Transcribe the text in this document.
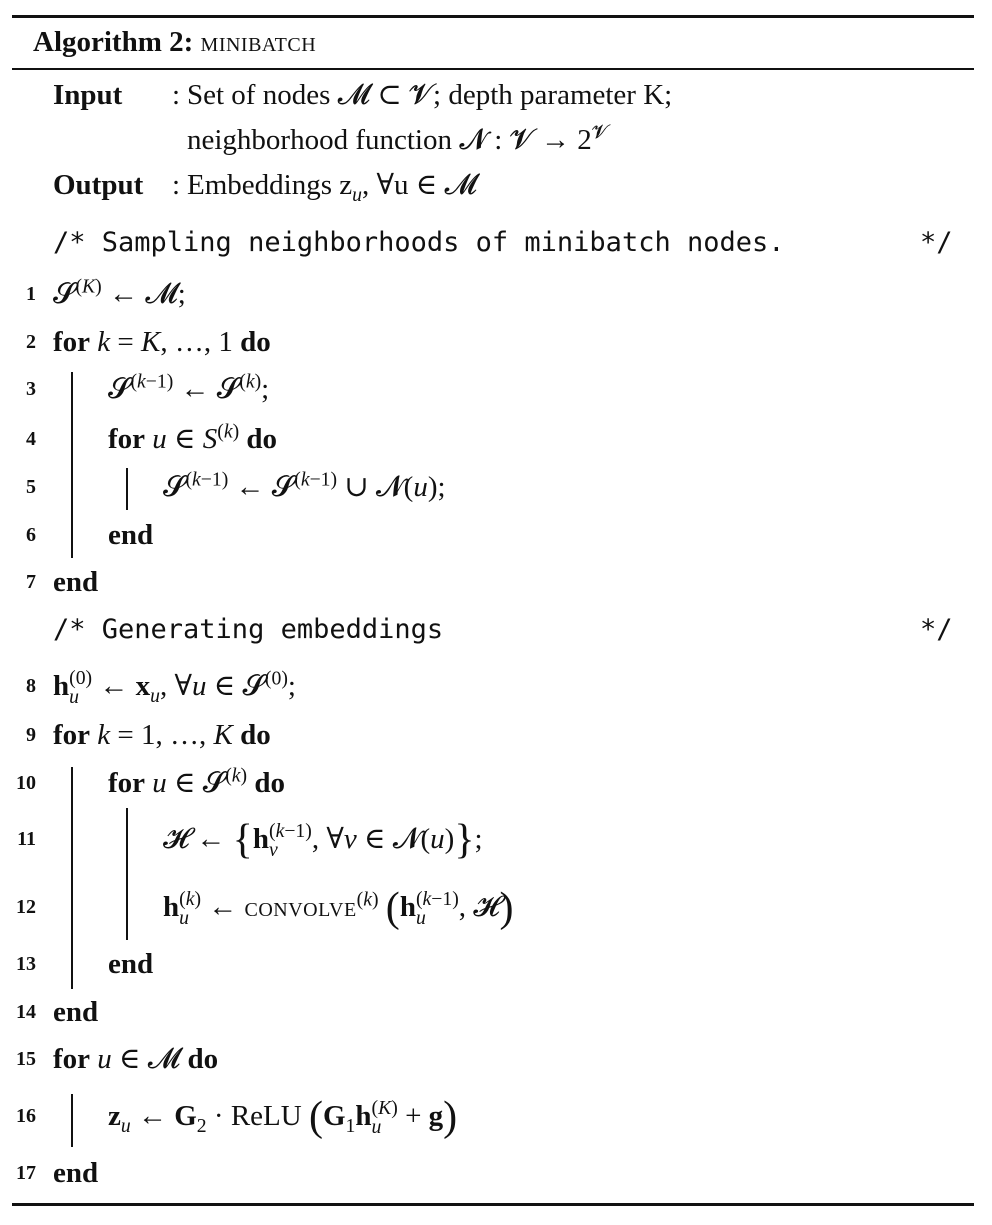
Algorithm 2: minibatch
Input : Set of nodes 𝓜 ⊂ 𝓥; depth parameter K;
neighborhood function 𝓝 : 𝓥 → $2^𝓥$
Output : Embeddings $z_u$, ∀u ∈ 𝓜
/* Sampling neighborhoods of minibatch nodes.	*/
1 𝓢$^{(K)}$ ← 𝓜;
2 for k = K, …, 1 do
3 𝓢$^{(k-1)}$ ← 𝓢$^{(k)}$;
4 for u ∈ $S^{(k)}$ do
5	𝓢$^{(k-1)}$ ← 𝓢$^{(k-1)}$ ∪ 𝓝(u);
6 end
7 end
/* Generating embeddings	*/
8 h (0)
u ← $x_u$, ∀u ∈ 𝓢$^{(0)}$;
9 for k = 1, …, K do
10 for u ∈ 𝓢$^{(k)}$ do
11	𝓗 ← {h (k−1)
v	, ∀v ∈ 𝓝(u)};
12	h (k)
u ← convolve$^{(k)}$ (h (k−1)
u	, 𝓗)
13 end
14 end
15 for u ∈ 𝓜 do
16 $z_u$ ← $G_2$ · ReLU ($G_1h$ (K)
u + g)
17 end
